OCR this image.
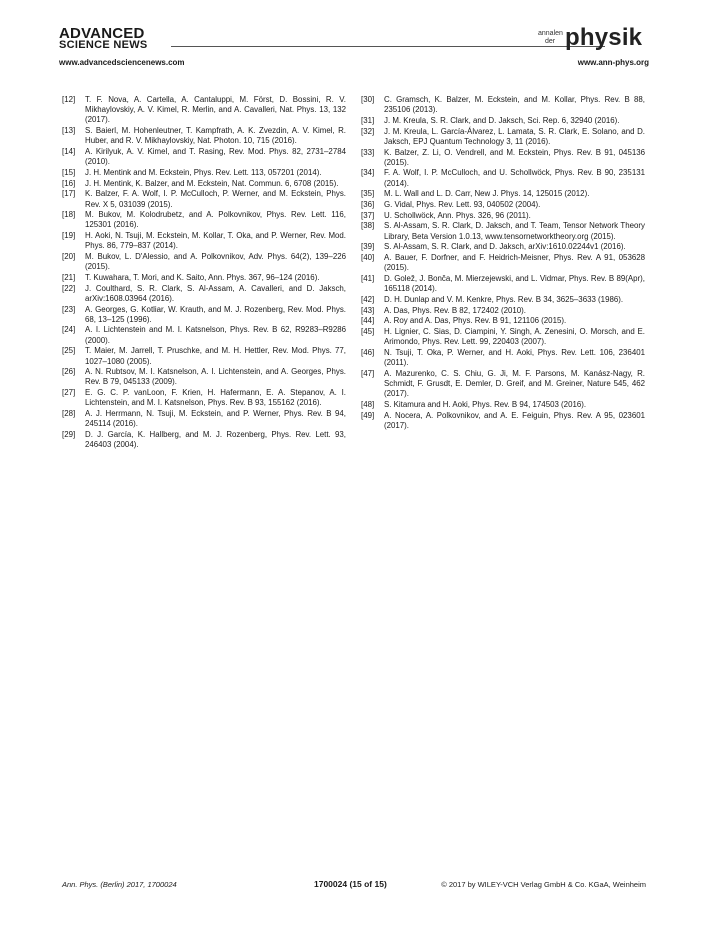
ADVANCED
SCIENCE NEWS
annalen
der physik
www.advancedsciencenews.com	www.ann-phys.org
[12] T. F. Nova, A. Cartella, A. Cantaluppi, M. Först, D. Bossini, R. V. Mikhaylovskiy, A. V. Kimel, R. Merlin, and A. Cavalleri, Nat. Phys. 13, 132 (2017).
[13] S. Baierl, M. Hohenleutner, T. Kampfrath, A. K. Zvezdin, A. V. Kimel, R. Huber, and R. V. Mikhaylovskiy, Nat. Photon. 10, 715 (2016).
[14] A. Kirilyuk, A. V. Kimel, and T. Rasing, Rev. Mod. Phys. 82, 2731–2784 (2010).
[15] J. H. Mentink and M. Eckstein, Phys. Rev. Lett. 113, 057201 (2014).
[16] J. H. Mentink, K. Balzer, and M. Eckstein, Nat. Commun. 6, 6708 (2015).
[17] K. Balzer, F. A. Wolf, I. P. McCulloch, P. Werner, and M. Eckstein, Phys. Rev. X 5, 031039 (2015).
[18] M. Bukov, M. Kolodrubetz, and A. Polkovnikov, Phys. Rev. Lett. 116, 125301 (2016).
[19] H. Aoki, N. Tsuji, M. Eckstein, M. Kollar, T. Oka, and P. Werner, Rev. Mod. Phys. 86, 779–837 (2014).
[20] M. Bukov, L. D'Alessio, and A. Polkovnikov, Adv. Phys. 64(2), 139–226 (2015).
[21] T. Kuwahara, T. Mori, and K. Saito, Ann. Phys. 367, 96–124 (2016).
[22] J. Coulthard, S. R. Clark, S. Al-Assam, A. Cavalleri, and D. Jaksch, arXiv:1608.03964 (2016).
[23] A. Georges, G. Kotliar, W. Krauth, and M. J. Rozenberg, Rev. Mod. Phys. 68, 13–125 (1996).
[24] A. I. Lichtenstein and M. I. Katsnelson, Phys. Rev. B 62, R9283–R9286 (2000).
[25] T. Maier, M. Jarrell, T. Pruschke, and M. H. Hettler, Rev. Mod. Phys. 77, 1027–1080 (2005).
[26] A. N. Rubtsov, M. I. Katsnelson, A. I. Lichtenstein, and A. Georges, Phys. Rev. B 79, 045133 (2009).
[27] E. G. C. P. vanLoon, F. Krien, H. Hafermann, E. A. Stepanov, A. I. Lichtenstein, and M. I. Katsnelson, Phys. Rev. B 93, 155162 (2016).
[28] A. J. Herrmann, N. Tsuji, M. Eckstein, and P. Werner, Phys. Rev. B 94, 245114 (2016).
[29] D. J. García, K. Hallberg, and M. J. Rozenberg, Phys. Rev. Lett. 93, 246403 (2004).
[30] C. Gramsch, K. Balzer, M. Eckstein, and M. Kollar, Phys. Rev. B 88, 235106 (2013).
[31] J. M. Kreula, S. R. Clark, and D. Jaksch, Sci. Rep. 6, 32940 (2016).
[32] J. M. Kreula, L. García-Álvarez, L. Lamata, S. R. Clark, E. Solano, and D. Jaksch, EPJ Quantum Technology 3, 11 (2016).
[33] K. Balzer, Z. Li, O. Vendrell, and M. Eckstein, Phys. Rev. B 91, 045136 (2015).
[34] F. A. Wolf, I. P. McCulloch, and U. Schollwöck, Phys. Rev. B 90, 235131 (2014).
[35] M. L. Wall and L. D. Carr, New J. Phys. 14, 125015 (2012).
[36] G. Vidal, Phys. Rev. Lett. 93, 040502 (2004).
[37] U. Schollwöck, Ann. Phys. 326, 96 (2011).
[38] S. Al-Assam, S. R. Clark, D. Jaksch, and T. Team, Tensor Network Theory Library, Beta Version 1.0.13, www.tensornetworktheory.org (2015).
[39] S. Al-Assam, S. R. Clark, and D. Jaksch, arXiv:1610.02244v1 (2016).
[40] A. Bauer, F. Dorfner, and F. Heidrich-Meisner, Phys. Rev. A 91, 053628 (2015).
[41] D. Golež, J. Bonča, M. Mierzejewski, and L. Vidmar, Phys. Rev. B 89(Apr), 165118 (2014).
[42] D. H. Dunlap and V. M. Kenkre, Phys. Rev. B 34, 3625–3633 (1986).
[43] A. Das, Phys. Rev. B 82, 172402 (2010).
[44] A. Roy and A. Das, Phys. Rev. B 91, 121106 (2015).
[45] H. Lignier, C. Sias, D. Ciampini, Y. Singh, A. Zenesini, O. Morsch, and E. Arimondo, Phys. Rev. Lett. 99, 220403 (2007).
[46] N. Tsuji, T. Oka, P. Werner, and H. Aoki, Phys. Rev. Lett. 106, 236401 (2011).
[47] A. Mazurenko, C. S. Chiu, G. Ji, M. F. Parsons, M. Kanász-Nagy, R. Schmidt, F. Grusdt, E. Demler, D. Greif, and M. Greiner, Nature 545, 462 (2017).
[48] S. Kitamura and H. Aoki, Phys. Rev. B 94, 174503 (2016).
[49] A. Nocera, A. Polkovnikov, and A. E. Feiguin, Phys. Rev. A 95, 023601 (2017).
Ann. Phys. (Berlin) 2017, 1700024	1700024 (15 of 15)	© 2017 by WILEY-VCH Verlag GmbH & Co. KGaA, Weinheim
